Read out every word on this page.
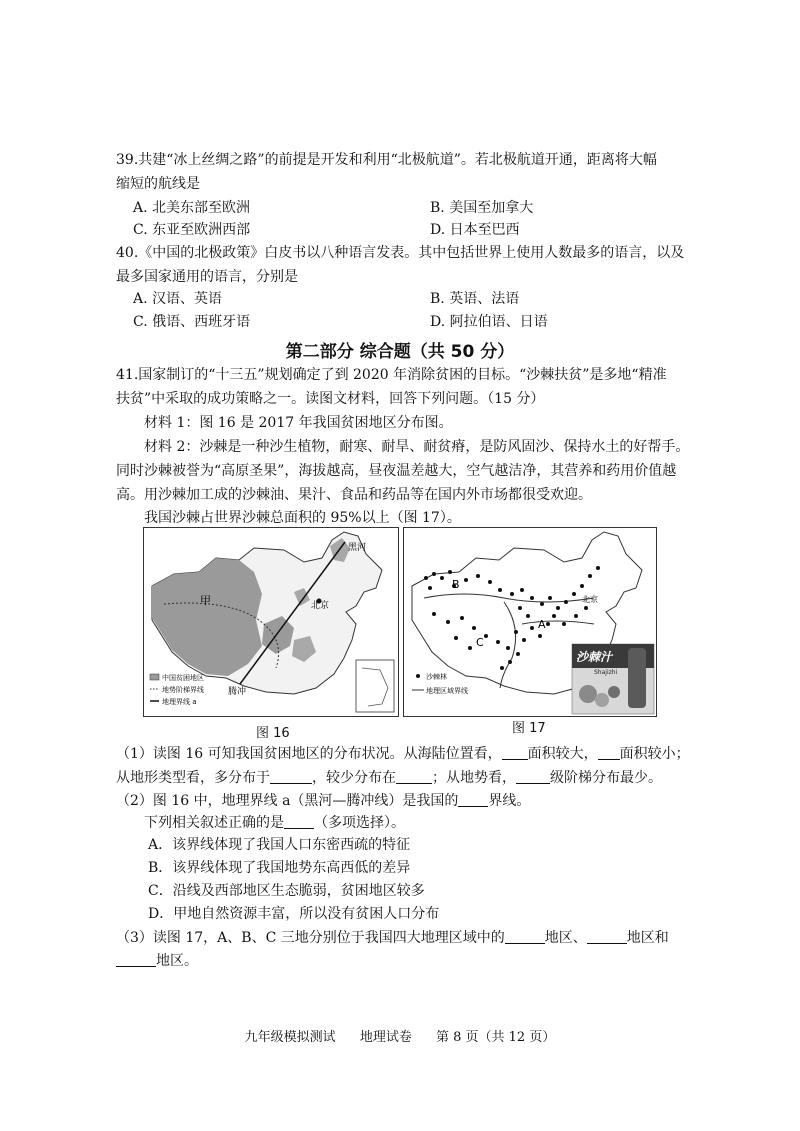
39.共建“冰上丝绸之路”的前提是开发和利用“北极航道”。若北极航道开通，距离将大幅
缩短的航线是
A. 北美东部至欧洲	B. 美国至加拿大
C. 东亚至欧洲西部	D. 日本至巴西
40.《中国的北极政策》白皮书以八种语言发表。其中包括世界上使用人数最多的语言，以及
最多国家通用的语言，分别是
A. 汉语、英语	B. 英语、法语
C. 俄语、西班牙语	D. 阿拉伯语、日语
第二部分 综合题（共 50 分）
41.国家制订的“十三五”规划确定了到 2020 年消除贫困的目标。“沙棘扶贫”是多地“精准
扶贫”中采取的成功策略之一。读图文材料，回答下列问题。（15 分）
材料 1：图 16 是 2017 年我国贫困地区分布图。
材料 2：沙棘是一种沙生植物，耐寒、耐旱、耐贫瘠，是防风固沙、保持水土的好帮手。
同时沙棘被誉为“高原圣果”，海拔越高，昼夜温差越大，空气越洁净，其营养和药用价值越
高。用沙棘加工成的沙棘油、果汁、食品和药品等在国内外市场都很受欢迎。
我国沙棘占世界沙棘总面积的 95%以上（图 17）。
黑河
北京
甲
腾冲
中国贫困地区
地势阶梯界线
地理界线 a
图 16
B
A
C
北京
沙棘林
地理区域界线
沙棘汁
Shajizhi
图 17
（1）读图 16 可知我国贫困地区的分布状况。从海陆位置看， 面积较大， 面积较小；
从地形类型看，多分布于	，较少分布在	；从地势看， 级阶梯分布最少。
（2）图 16 中，地理界线 a（黑河—腾冲线）是我国的 界线。
下列相关叙述正确的是 （多项选择）。
A．该界线体现了我国人口东密西疏的特征
B．该界线体现了我国地势东高西低的差异
C．沿线及西部地区生态脆弱，贫困地区较多
D．甲地自然资源丰富，所以没有贫困人口分布
（3）读图 17，A、B、C 三地分别位于我国四大地理区域中的	地区、	地区和
地区。
九年级模拟测试 地理试卷 第 8 页（共 12 页）
